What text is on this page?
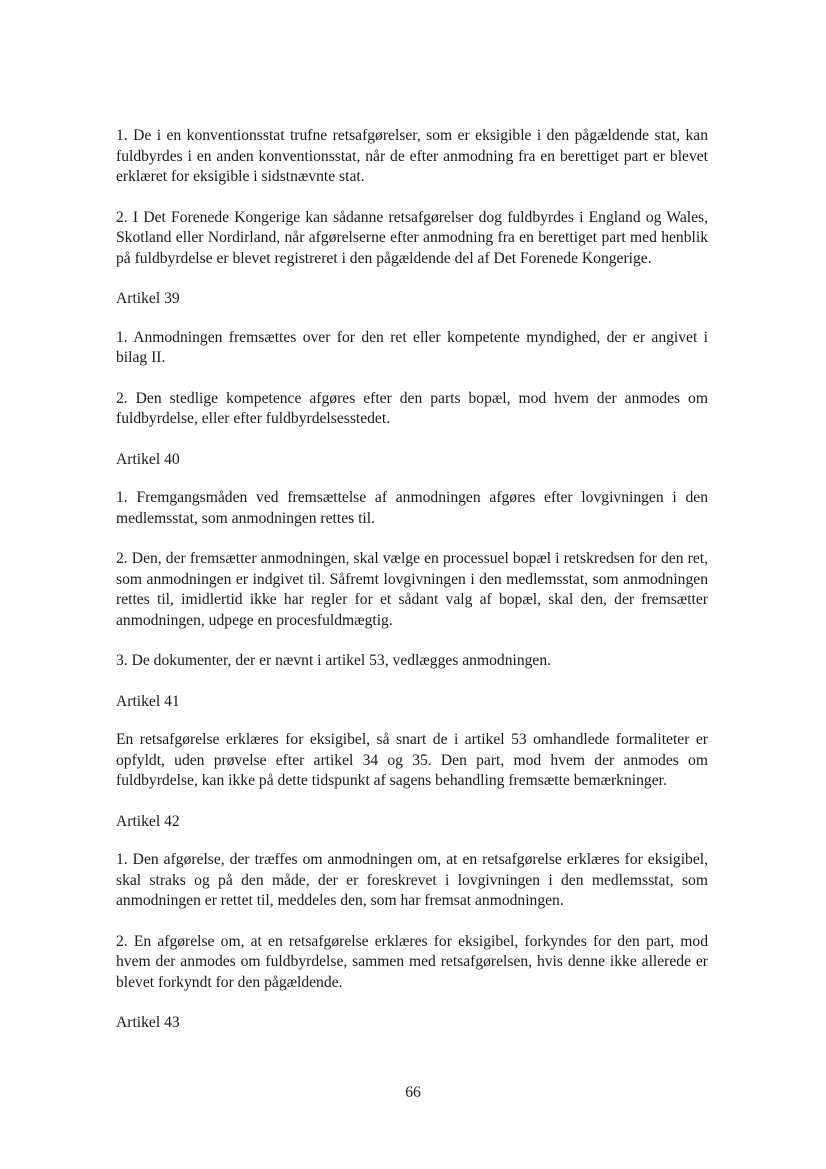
1. De i en konventionsstat trufne retsafgørelser, som er eksigible i den pågældende stat, kan fuldbyrdes i en anden konventionsstat, når de efter anmodning fra en berettiget part er blevet erklæret for eksigible i sidstnævnte stat.

2. I Det Forenede Kongerige kan sådanne retsafgørelser dog fuldbyrdes i England og Wales, Skotland eller Nordirland, når afgørelserne efter anmodning fra en berettiget part med henblik på fuldbyrdelse er blevet registreret i den pågældende del af Det Forenede Kongerige.

Artikel 39

1. Anmodningen fremsættes over for den ret eller kompetente myndighed, der er angivet i bilag II.

2. Den stedlige kompetence afgøres efter den parts bopæl, mod hvem der anmodes om fuldbyrdelse, eller efter fuldbyrdelsesstedet.

Artikel 40

1. Fremgangsmåden ved fremsættelse af anmodningen afgøres efter lovgivningen i den medlemsstat, som anmodningen rettes til.

2. Den, der fremsætter anmodningen, skal vælge en processuel bopæl i retskredsen for den ret, som anmodningen er indgivet til. Såfremt lovgivningen i den medlemsstat, som anmodningen rettes til, imidlertid ikke har regler for et sådant valg af bopæl, skal den, der fremsætter anmodningen, udpege en procesfuldmægtig.

3. De dokumenter, der er nævnt i artikel 53, vedlægges anmodningen.

Artikel 41

En retsafgørelse erklæres for eksigibel, så snart de i artikel 53 omhandlede formaliteter er opfyldt, uden prøvelse efter artikel 34 og 35. Den part, mod hvem der anmodes om fuldbyrdelse, kan ikke på dette tidspunkt af sagens behandling fremsætte bemærkninger.

Artikel 42

1. Den afgørelse, der træffes om anmodningen om, at en retsafgørelse erklæres for eksigibel, skal straks og på den måde, der er foreskrevet i lovgivningen i den medlemsstat, som anmodningen er rettet til, meddeles den, som har fremsat anmodningen.

2. En afgørelse om, at en retsafgørelse erklæres for eksigibel, forkyndes for den part, mod hvem der anmodes om fuldbyrdelse, sammen med retsafgørelsen, hvis denne ikke allerede er blevet forkyndt for den pågældende.

Artikel 43

66
